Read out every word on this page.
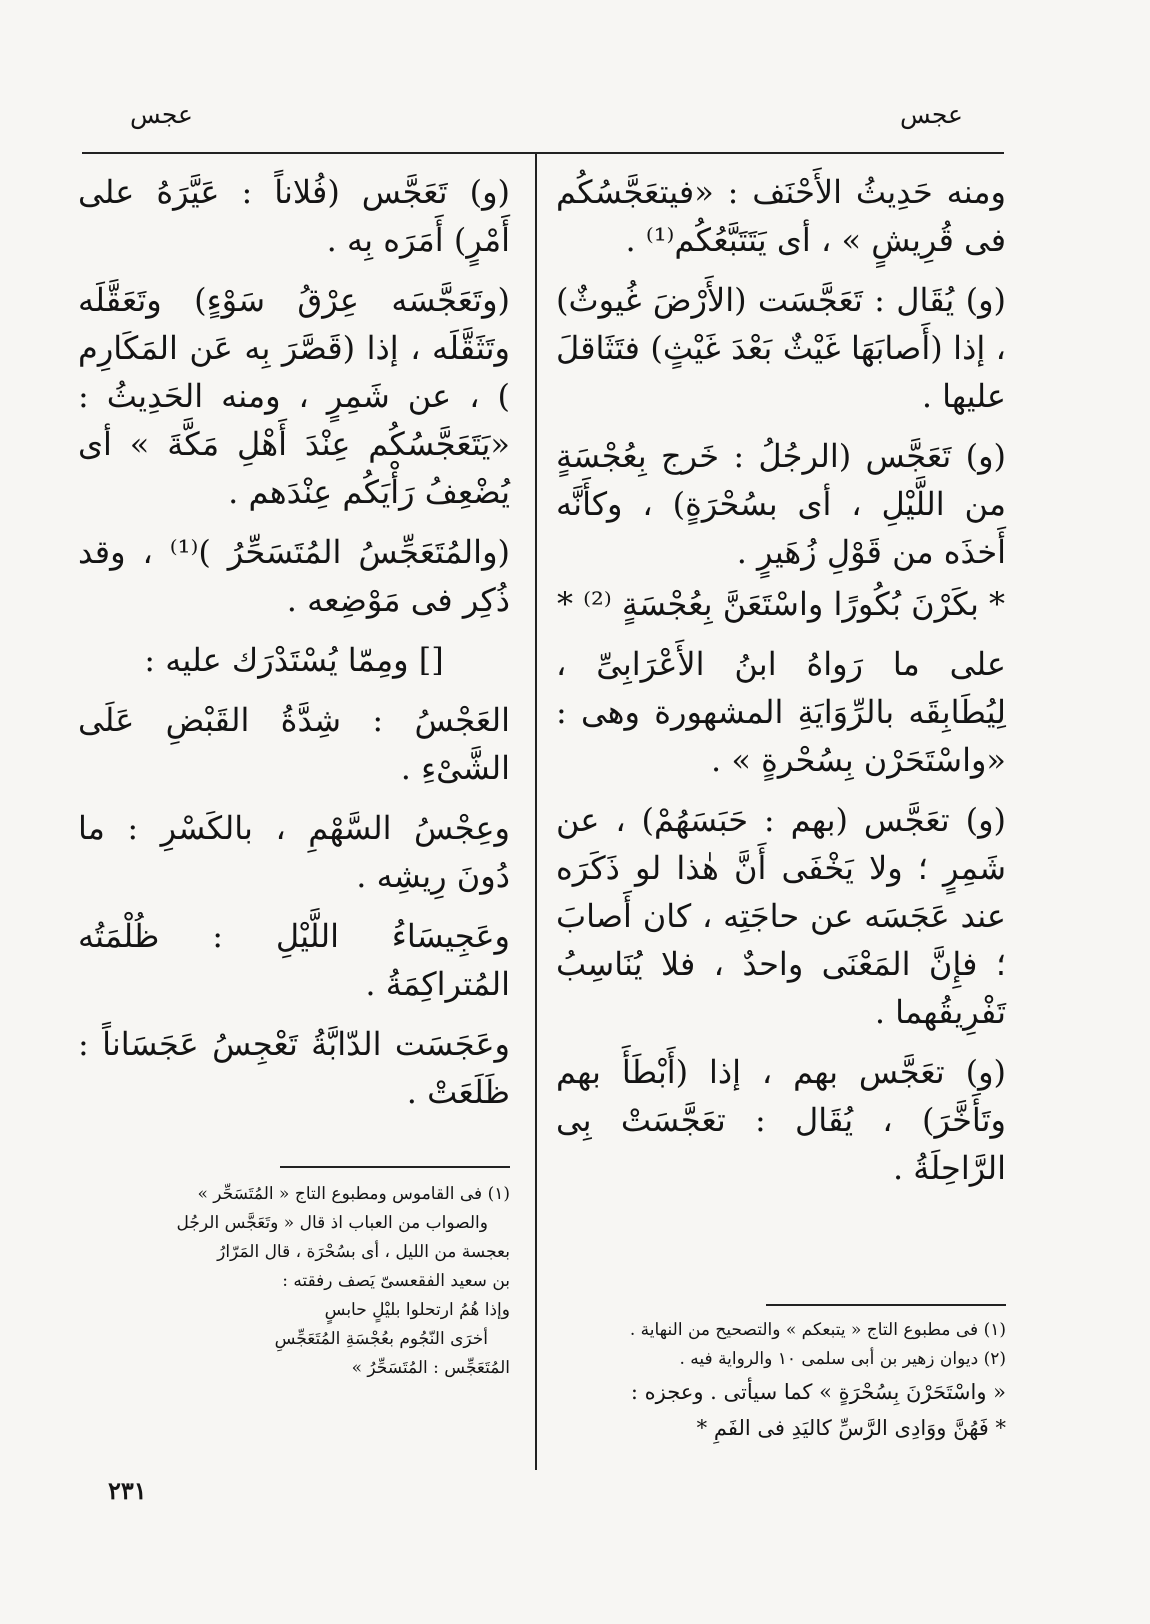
عجس
عجس

ومنه حَدِيثُ الأَحْنَف : «فيتعَجَّسُكُم فى قُرِيشٍ » ، أى يَتَتَبَّعُكُم⁽¹⁾ .

(و) يُقَال : تَعَجَّسَت (الأَرْضَ غُيوثٌ) ، إذا (أَصابَهَا غَيْثٌ بَعْدَ غَيْثٍ) فتَثَاقلَ عليها .

(و) تَعَجَّس (الرجُلُ : خَرج بِعُجْسَةٍ من اللَّيْلِ ، أى بسُحْرَةٍ) ، وكأَنَّه أَخذَه من قَوْلِ زُهَيرٍ .

* بكَرْنَ بُكُورًا واسْتَعَنَّ بِعُجْسَةٍ ⁽²⁾ *

على ما رَواهُ ابنُ الأَعْرَابِىِّ ، لِيُطَابِقَه بالرِّوَايَةِ المشهورة وهى : «واسْتَحَرْن بِسُحْرةٍ » .

(و) تعَجَّس (بهم : حَبَسَهُمْ) ، عن شَمِرٍ ؛ ولا يَخْفَى أَنَّ هٰذا لو ذَكَرَه عند عَجَسَه عن حاجَتِه ، كان أَصابَ ؛ فإِنَّ المَعْنَى واحدٌ ، فلا يُنَاسِبُ تَفْرِيقُهما .

(و) تعَجَّس بهم ، إذا (أَبْطَأَ بهم وتَأَخَّرَ) ، يُقَال : تعَجَّسَتْ بِى الرَّاحِلَةُ .

(و) تَعَجَّس (فُلاناً : عَيَّرَهُ على أَمْرٍ) أَمَرَه بِه .

(وتَعَجَّسَه عِرْقُ سَوْءٍ) وتَعَقَّلَه وتَثَقَّلَه ، إذا (قَصَّرَ بِه عَن المَكَارِم ) ، عن شَمِرٍ ، ومنه الحَدِيثُ : «يَتَعَجَّسُكُم عِنْدَ أَهْلِ مَكَّةَ » أى يُضْعِفُ رَأْيَكُم عِنْدَهم .

(والمُتَعَجِّسُ المُتَسَحِّرُ )⁽¹⁾ ، وقد ذُكِر فى مَوْضِعه .

[] ومِمّا يُسْتَدْرَك عليه :

العَجْسُ : شِدَّةُ القَبْضِ عَلَى الشَّىْءِ .

وعِجْسُ السَّهْمِ ، بالكَسْرِ : ما دُونَ رِيشِه .

وعَجِيسَاءُ اللَّيْلِ : ظُلْمَتُه المُتراكِمَةُ .

وعَجَسَت الدّابَّةُ تَعْجِسُ عَجَسَاناً : ظَلَعَتْ .

(١) فى مطبوع التاج « يتبعكم » والتصحيح من النهاية .

(٢) ديوان زهير بن أبى سلمى ١٠ والرواية فيه .

« واسْتَحَرْنَ بِسُحْرَةٍ » كما سيأتى . وعجزه :

* فَهُنَّ ووَادِى الرَّسِّ كاليَدِ فى الفَمِ *

(١) فى القاموس ومطبوع التاج « المُتَسَحِّر »

والصواب من العباب اذ قال « وتَعَجَّس الرجُل

بعجسة من الليل ، أى بسُحْرَة ، قال المَرّارُ

بن سعيد الفقعسىّ يَصف رفقته :

وإذا هُمُ ارتحلوا بليْلٍ حابسٍ

أخرَى النّجُوم بعُجْسَةِ المُتَعَجِّسِ

المُتَعَجِّس : المُتَسَحِّرُ »

٢٣١
